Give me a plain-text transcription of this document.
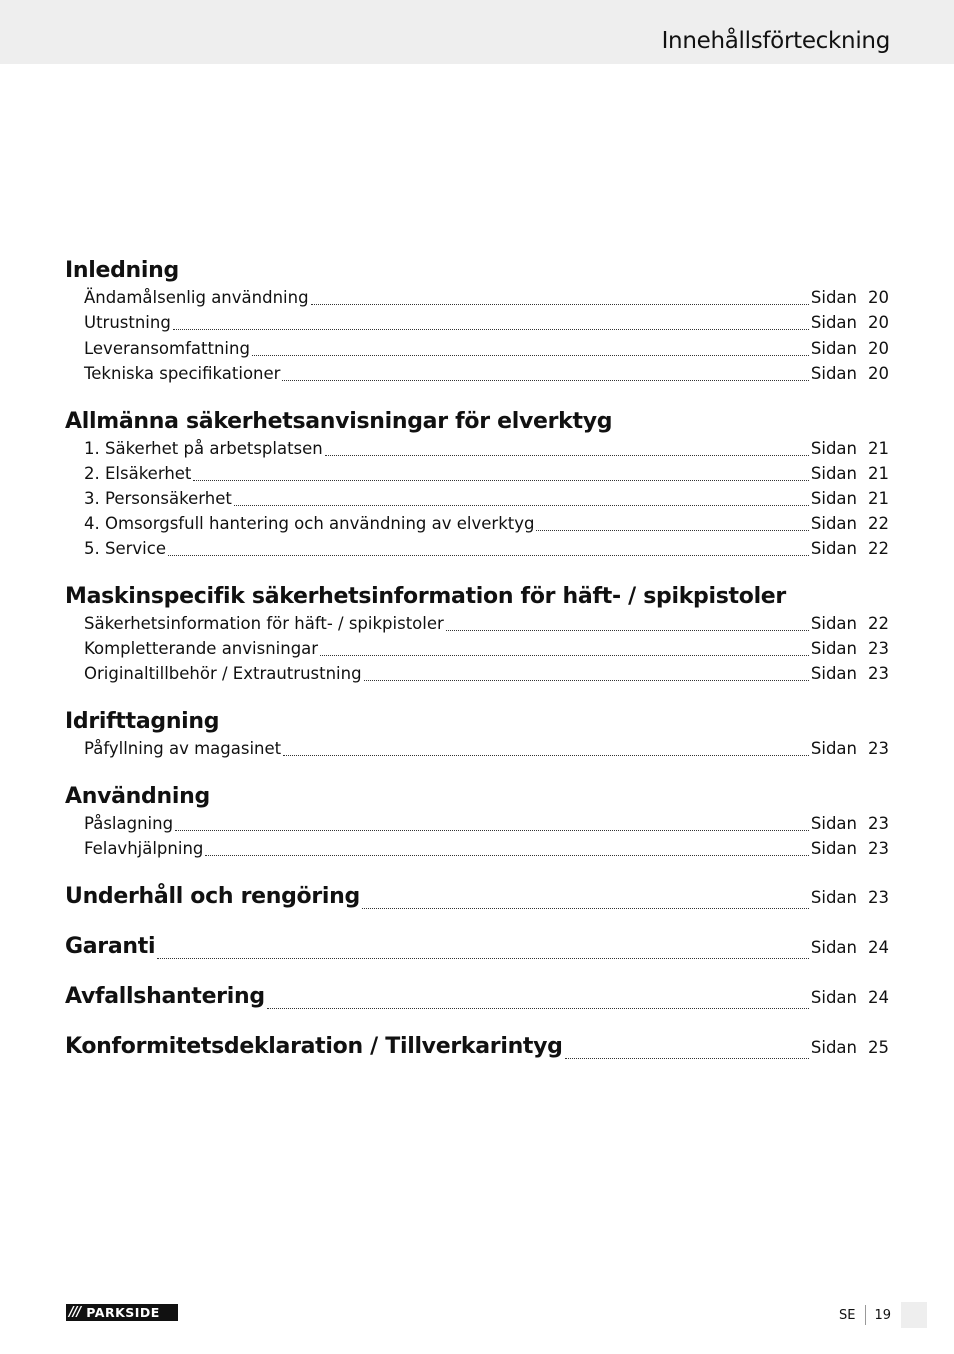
Innehållsförteckning
Inledning
Ändamålsenlig användning	Sidan 20
Utrustning	Sidan 20
Leveransomfattning	Sidan 20
Tekniska specifikationer	Sidan 20
Allmänna säkerhetsanvisningar för elverktyg
1. Säkerhet på arbetsplatsen	Sidan 21
2. Elsäkerhet	Sidan 21
3. Personsäkerhet	Sidan 21
4. Omsorgsfull hantering och användning av elverktyg	Sidan 22
5. Service	Sidan 22
Maskinspecifik säkerhetsinformation för häft- / spikpistoler
Säkerhetsinformation för häft- / spikpistoler	Sidan 22
Kompletterande anvisningar	Sidan 23
Originaltillbehör / Extrautrustning	Sidan 23
Idrifttagning
Påfyllning av magasinet	Sidan 23
Användning
Påslagning	Sidan 23
Felavhjälpning	Sidan 23
Underhåll och rengöring	Sidan 23
Garanti	Sidan 24
Avfallshantering	Sidan 24
Konformitetsdeklaration / Tillverkarintyg	Sidan 25
/// PARKSIDE	SE 19
